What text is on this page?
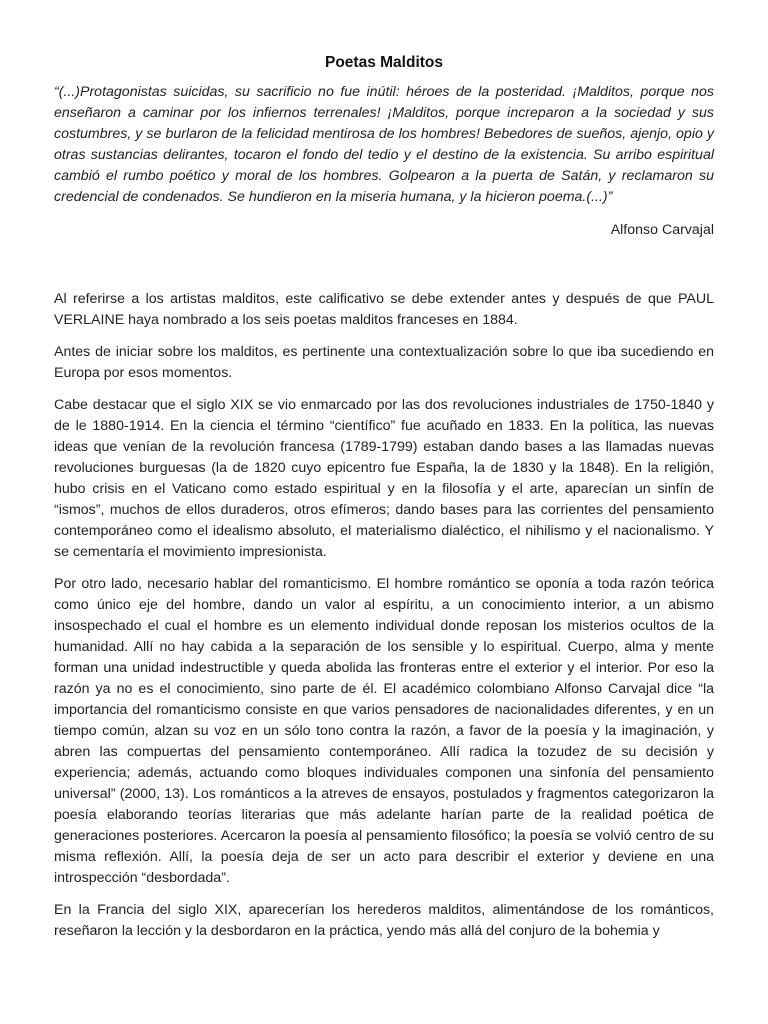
Poetas Malditos

“(...)Protagonistas suicidas, su sacrificio no fue inútil: héroes de la posteridad. ¡Malditos, porque nos enseñaron a caminar por los infiernos terrenales! ¡Malditos, porque increparon a la sociedad y sus costumbres, y se burlaron de la felicidad mentirosa de los hombres! Bebedores de sueños, ajenjo, opio y otras sustancias delirantes, tocaron el fondo del tedio y el destino de la existencia. Su arribo espiritual cambió el rumbo poético y moral de los hombres. Golpearon a la puerta de Satán, y reclamaron su credencial de condenados. Se hundieron en la miseria humana, y la hicieron poema.(...)”

Alfonso Carvajal

Al referirse a los artistas malditos, este calificativo se debe extender antes y después de que PAUL VERLAINE haya nombrado a los seis poetas malditos franceses en 1884.

Antes de iniciar sobre los malditos, es pertinente una contextualización sobre lo que iba sucediendo en Europa por esos momentos.

Cabe destacar que el siglo XIX se vio enmarcado por las dos revoluciones industriales de 1750-1840 y de le 1880-1914. En la ciencia el término “científico” fue acuñado en 1833. En la política, las nuevas ideas que venían de la revolución francesa (1789-1799) estaban dando bases a las llamadas nuevas revoluciones burguesas (la de 1820 cuyo epicentro fue España, la de 1830 y la 1848). En la religión, hubo crisis en el Vaticano como estado espiritual y en la filosofía y el arte, aparecían un sinfín de “ismos”, muchos de ellos duraderos, otros efímeros; dando bases para las corrientes del pensamiento contemporáneo como el idealismo absoluto, el materialismo dialéctico, el nihilismo y el nacionalismo. Y se cementaría el movimiento impresionista.

Por otro lado, necesario hablar del romanticismo. El hombre romántico se oponía a toda razón teórica como único eje del hombre, dando un valor al espíritu, a un conocimiento interior, a un abismo insospechado el cual el hombre es un elemento individual donde reposan los misterios ocultos de la humanidad. Allí no hay cabida a la separación de los sensible y lo espiritual. Cuerpo, alma y mente forman una unidad indestructible y queda abolida las fronteras entre el exterior y el interior. Por eso la razón ya no es el conocimiento, sino parte de él. El académico colombiano Alfonso Carvajal dice “la importancia del romanticismo consiste en que varios pensadores de nacionalidades diferentes, y en un tiempo común, alzan su voz en un sólo tono contra la razón, a favor de la poesía y la imaginación, y abren las compuertas del pensamiento contemporáneo. Allí radica la tozudez de su decisión y experiencia; además, actuando como bloques individuales componen una sinfonía del pensamiento universal” (2000, 13). Los románticos a la atreves de ensayos, postulados y fragmentos categorizaron la poesía elaborando teorías literarias que más adelante harían parte de la realidad poética de generaciones posteriores. Acercaron la poesía al pensamiento filosófico; la poesía se volvió centro de su misma reflexión. Allí, la poesía deja de ser un acto para describir el exterior y deviene en una introspección “desbordada”.

En la Francia del siglo XIX, aparecerían los herederos malditos, alimentándose de los románticos, reseñaron la lección y la desbordaron en la práctica, yendo más allá del conjuro de la bohemia y
